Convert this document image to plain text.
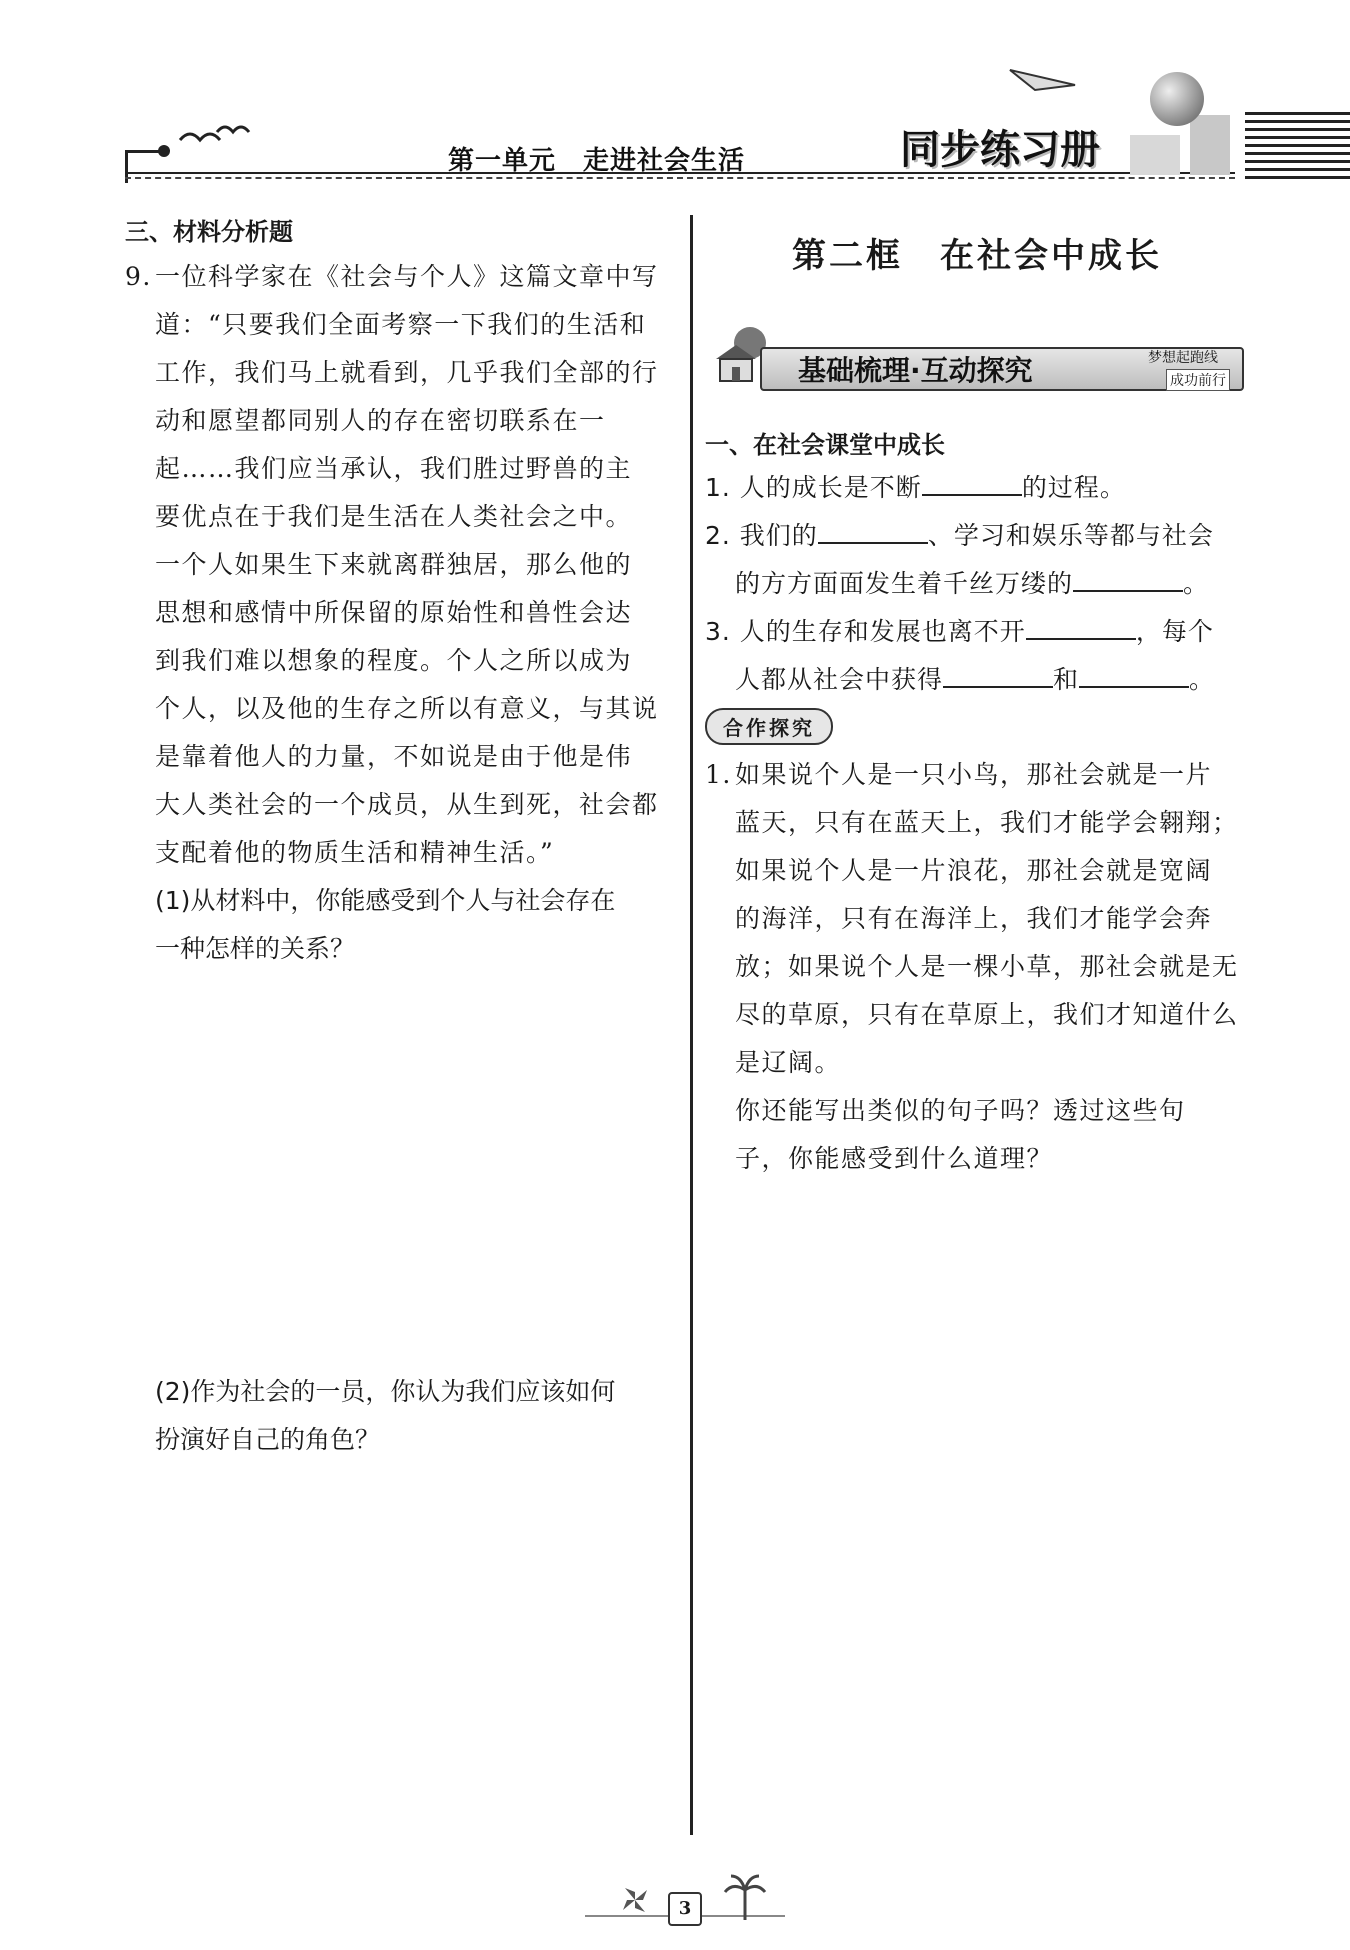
第一单元　走进社会生活	同步练习册
三、材料分析题
9. 一位科学家在《社会与个人》这篇文章中写

道：“只要我们全面考察一下我们的生活和

工作，我们马上就看到，几乎我们全部的行

动和愿望都同别人的存在密切联系在一

起……我们应当承认，我们胜过野兽的主

要优点在于我们是生活在人类社会之中。

一个人如果生下来就离群独居，那么他的

思想和感情中所保留的原始性和兽性会达

到我们难以想象的程度。个人之所以成为

个人，以及他的生存之所以有意义，与其说

是靠着他人的力量，不如说是由于他是伟

大人类社会的一个成员，从生到死，社会都

支配着他的物质生活和精神生活。”

(1)从材料中，你能感受到个人与社会存在
一种怎样的关系？
(2)作为社会的一员，你认为我们应该如何
扮演好自己的角色？
第二框　在社会中成长
基础梳理·互动探究	梦想起跑线
成功前行
一、在社会课堂中成长
1. 人的成长是不断	的过程。
2. 我们的	、学习和娱乐等都与社会
的方方面面发生着千丝万缕的	。
3. 人的生存和发展也离不开	，每个
人都从社会中获得	和	。
合作探究
1. 如果说个人是一只小鸟，那社会就是一片

蓝天，只有在蓝天上，我们才能学会翱翔；

如果说个人是一片浪花，那社会就是宽阔

的海洋，只有在海洋上，我们才能学会奔

放；如果说个人是一棵小草，那社会就是无

尽的草原，只有在草原上，我们才知道什么

是辽阔。

你还能写出类似的句子吗？透过这些句

子，你能感受到什么道理？

3
